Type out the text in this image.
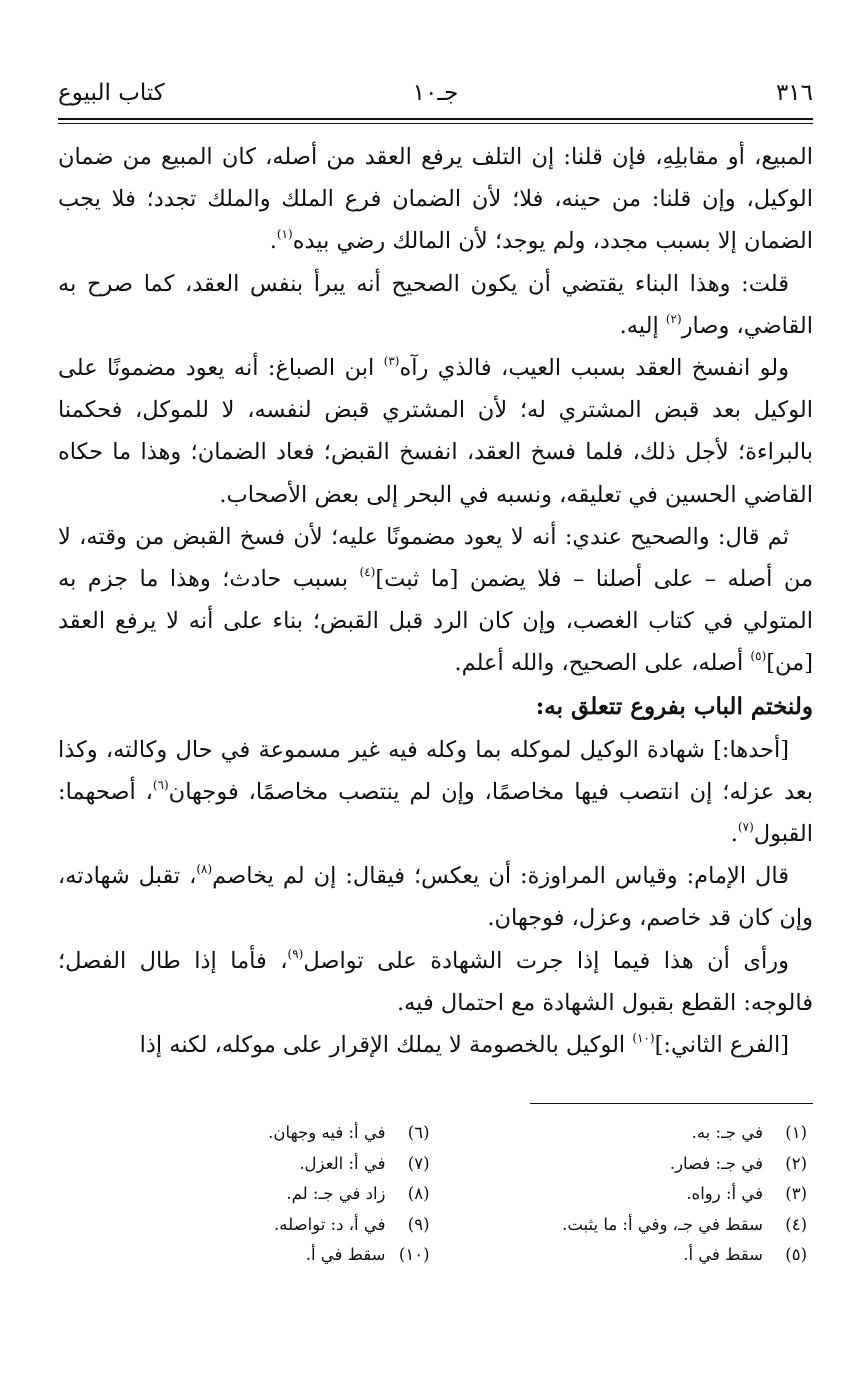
٣١٦
جـ١٠
كتاب البيوع

المبيع، أو مقابلِهِ، فإن قلنا: إن التلف يرفع العقد من أصله، كان المبيع من ضمان الوكيل، وإن قلنا: من حينه، فلا؛ لأن الضمان فرع الملك والملك تجدد؛ فلا يجب الضمان إلا بسبب مجدد، ولم يوجد؛ لأن المالك رضي بيده$^{(١)}$.

قلت: وهذا البناء يقتضي أن يكون الصحيح أنه يبرأ بنفس العقد، كما صرح به القاضي، وصار$^{(٢)}$ إليه.

ولو انفسخ العقد بسبب العيب، فالذي رآه$^{(٣)}$ ابن الصباغ: أنه يعود مضمونًا على الوكيل بعد قبض المشتري له؛ لأن المشتري قبض لنفسه، لا للموكل، فحكمنا بالبراءة؛ لأجل ذلك، فلما فسخ العقد، انفسخ القبض؛ فعاد الضمان؛ وهذا ما حكاه القاضي الحسين في تعليقه، ونسبه في البحر إلى بعض الأصحاب.

ثم قال: والصحيح عندي: أنه لا يعود مضمونًا عليه؛ لأن فسخ القبض من وقته، لا من أصله – على أصلنا – فلا يضمن [ما ثبت]$^{(٤)}$ بسبب حادث؛ وهذا ما جزم به المتولي في كتاب الغصب، وإن كان الرد قبل القبض؛ بناء على أنه لا يرفع العقد [من]$^{(٥)}$ أصله، على الصحيح، والله أعلم.

ولنختم الباب بفروع تتعلق به:

[أحدها:] شهادة الوكيل لموكله بما وكله فيه غير مسموعة في حال وكالته، وكذا بعد عزله؛ إن انتصب فيها مخاصمًا، وإن لم ينتصب مخاصمًا، فوجهان$^{(٦)}$، أصحهما: القبول$^{(٧)}$.

قال الإمام: وقياس المراوزة: أن يعكس؛ فيقال: إن لم يخاصم$^{(٨)}$، تقبل شهادته، وإن كان قد خاصم، وعزل، فوجهان.

ورأى أن هذا فيما إذا جرت الشهادة على تواصل$^{(٩)}$، فأما إذا طال الفصل؛ فالوجه: القطع بقبول الشهادة مع احتمال فيه.

[الفرع الثاني:]$^{(١٠)}$ الوكيل بالخصومة لا يملك الإقرار على موكله، لكنه إذا

(١)في جـ: به.
(٢)في جـ: فصار.
(٣)في أ: رواه.
(٤)سقط في جـ، وفي أ: ما يثبت.
(٥)سقط في أ.
(٦)في أ: فيه وجهان.
(٧)في أ: العزل.
(٨)زاد في جـ: لم.
(٩)في أ، د: تواصله.
(١٠)سقط في أ.
